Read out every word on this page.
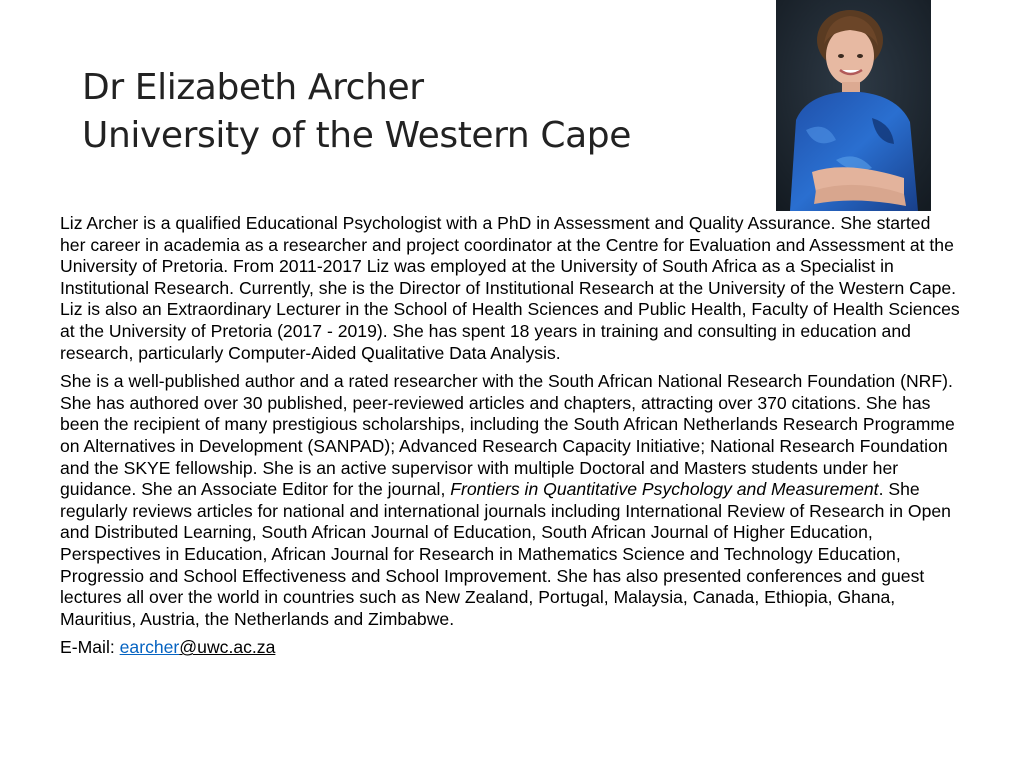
Dr Elizabeth Archer
University of the Western Cape

Liz Archer is a qualified Educational Psychologist with a PhD in Assessment and Quality Assurance. She started her career in academia as a researcher and project coordinator at the Centre for Evaluation and Assessment at the University of Pretoria. From 2011-2017 Liz was employed at the University of South Africa as a Specialist in Institutional Research. Currently, she is the Director of Institutional Research at the University of the Western Cape. Liz is also an Extraordinary Lecturer in the School of Health Sciences and Public Health, Faculty of Health Sciences at the University of Pretoria (2017 - 2019). She has spent 18 years in training and consulting in education and research, particularly Computer-Aided Qualitative Data Analysis.

She is a well-published author and a rated researcher with the South African National Research Foundation (NRF). She has authored over 30 published, peer-reviewed articles and chapters, attracting over 370 citations. She has been the recipient of many prestigious scholarships, including the South African Netherlands Research Programme on Alternatives in Development (SANPAD); Advanced Research Capacity Initiative; National Research Foundation and the SKYE fellowship. She is an active supervisor with multiple Doctoral and Masters students under her guidance. She an Associate Editor for the journal, Frontiers in Quantitative Psychology and Measurement. She regularly reviews articles for national and international journals including International Review of Research in Open and Distributed Learning, South African Journal of Education, South African Journal of Higher Education, Perspectives in Education, African Journal for Research in Mathematics Science and Technology Education, Progressio and School Effectiveness and School Improvement. She has also presented conferences and guest lectures all over the world in countries such as New Zealand, Portugal, Malaysia, Canada, Ethiopia, Ghana, Mauritius, Austria, the Netherlands and Zimbabwe.

E-Mail: earcher@uwc.ac.za
